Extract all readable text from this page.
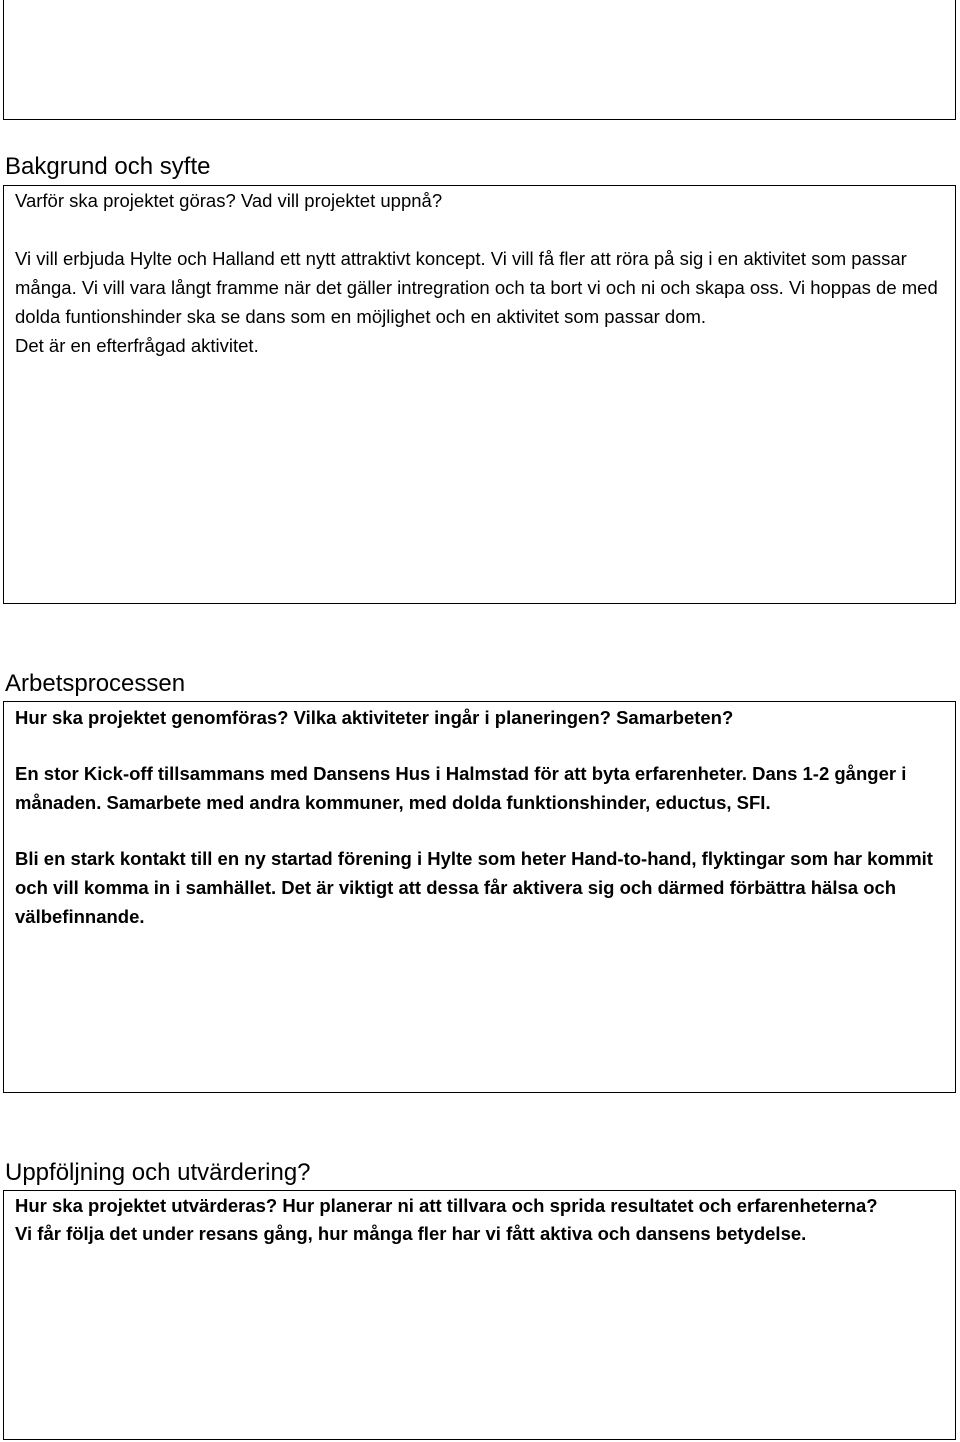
Bakgrund och syfte

Varför ska projektet göras? Vad vill projektet uppnå?

Vi vill erbjuda Hylte och Halland ett nytt attraktivt koncept. Vi vill få fler att röra på sig i en aktivitet som passar många. Vi vill vara långt framme när det gäller intregration och ta bort vi och ni och skapa oss. Vi hoppas de med dolda funtionshinder ska se dans som en möjlighet och en aktivitet som passar dom.

Det är en efterfrågad aktivitet.

Arbetsprocessen

Hur ska projektet genomföras? Vilka aktiviteter ingår i planeringen? Samarbeten?

En stor Kick-off tillsammans med Dansens Hus i Halmstad för att byta erfarenheter. Dans 1-2 gånger i månaden. Samarbete med andra kommuner, med dolda funktionshinder, eductus, SFI.

Bli en stark kontakt till en ny startad förening i Hylte som heter Hand-to-hand, flyktingar som har kommit och vill komma in i samhället. Det är viktigt att dessa får aktivera sig och därmed förbättra hälsa och välbefinnande.

Uppföljning och utvärdering?

Hur ska projektet utvärderas? Hur planerar ni att tillvara och sprida resultatet och erfarenheterna?

Vi får följa det under resans gång, hur många fler har vi fått aktiva och dansens betydelse.
